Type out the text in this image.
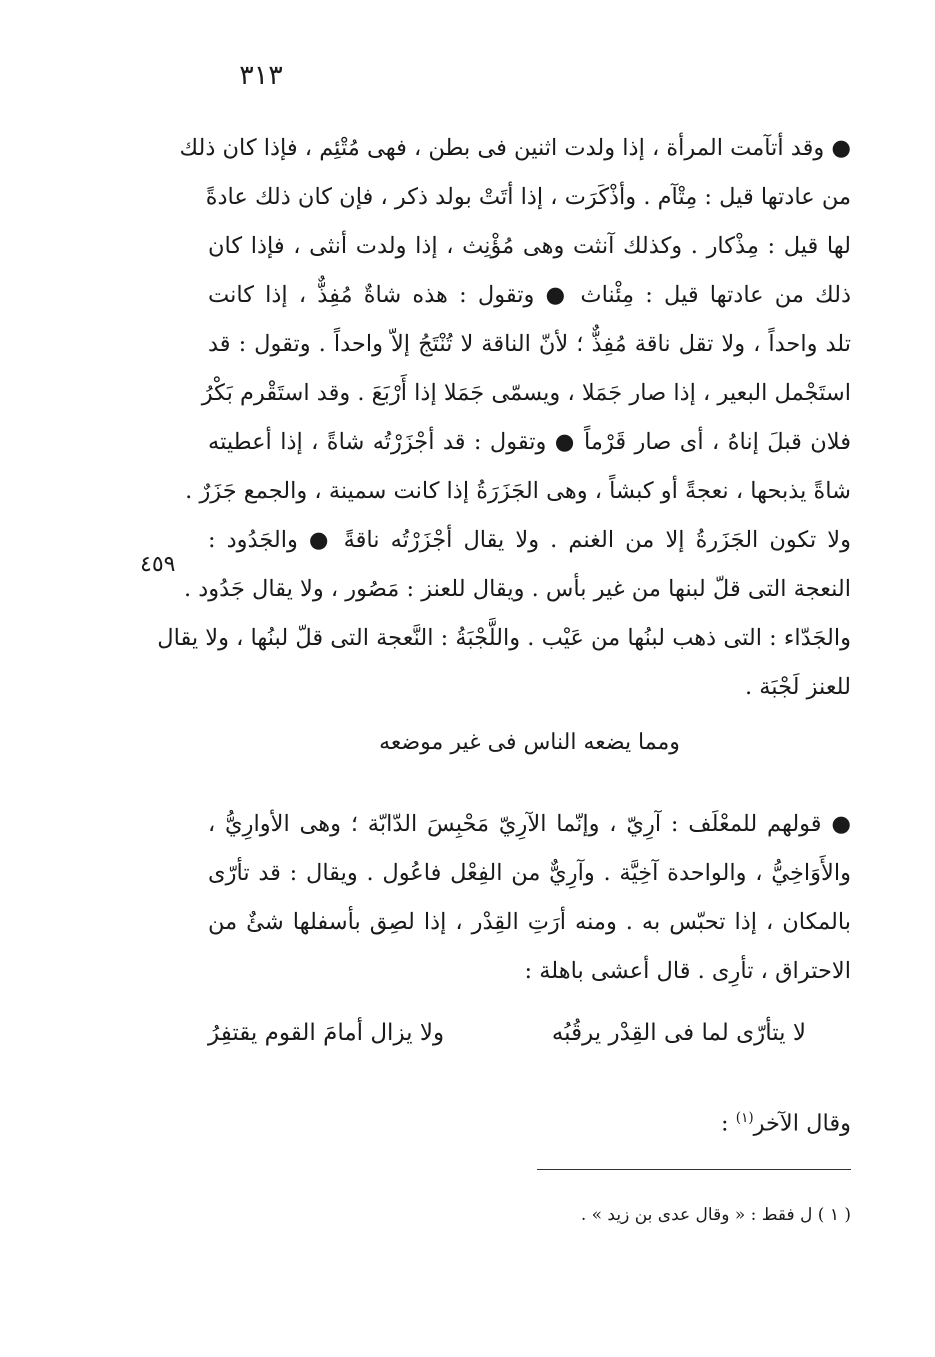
٣١٣
● وقد أتآمت المرأة ، إذا ولدت اثنين فى بطن ، فهى مُتْئِم ، فإذا كان ذلك
من عادتها قيل : مِتْآم . وأذْكَرَت ، إذا أتَتْ بولد ذكر ، فإن كان ذلك عادةً
لها قيل : مِذْكار . وكذلك آنثت وهى مُؤْنِث ، إذا ولدت أنثى ، فإذا كان
ذلك من عادتها قيل : مِئْناث ● وتقول : هذه شاةٌ مُفِذٌّ ، إذا كانت
تلد واحداً ، ولا تقل ناقة مُفِذٌّ ؛ لأنّ الناقة لا تُنْتَجُ إلاّ واحداً . وتقول : قد
استَجْمل البعير ، إذا صار جَمَلا ، ويسمّى جَمَلا إذا أَرْبَعَ . وقد استَقْرم بَكْرُ
فلان قبلَ إناهُ ، أى صار قَرْماً ● وتقول : قد أجْزَرْتُه شاةً ، إذا أعطيته
شاةً يذبحها ، نعجةً أو كبشاً ، وهى الجَزَرَةُ إذا كانت سمينة ، والجمع جَزَرٌ .
ولا تكون الجَزَرةُ إلا من الغنم . ولا يقال أجْزَرْتُه ناقةً ● والجَدُود :
النعجة التى قلّ لبنها من غير بأس . ويقال للعنز : مَصُور ، ولا يقال جَدُود .
والجَدّاء : التى ذهب لبنُها من عَيْب . واللَّجْبَةُ : النَّعجة التى قلّ لبنُها ، ولا يقال
للعنز لَجْبَة .
٤٥٩
ومما يضعه الناس فى غير موضعه
● قولهم للمعْلَف : آرِيّ ، وإنّما الآرِيّ مَحْبِسَ الدّابّة ؛ وهى الأوارِيُّ ،
والأَوَاخِيُّ ، والواحدة آخِيَّة . وآرِيٌّ من الفِعْل فاعُول . ويقال : قد تأرّى
بالمكان ، إذا تحبّس به . ومنه أرَتِ القِدْر ، إذا لصِق بأسفلها شئٌ من
الاحتراق ، تأرِى . قال أعشى باهلة :
لا يتأرّى لما فى القِدْر يرقُبُه
ولا يزال أمامَ القوم يقتفِرُ
وقال الآخر$^{(١)}$ :
( ١ ) ل فقط : « وقال عدى بن زيد » .
